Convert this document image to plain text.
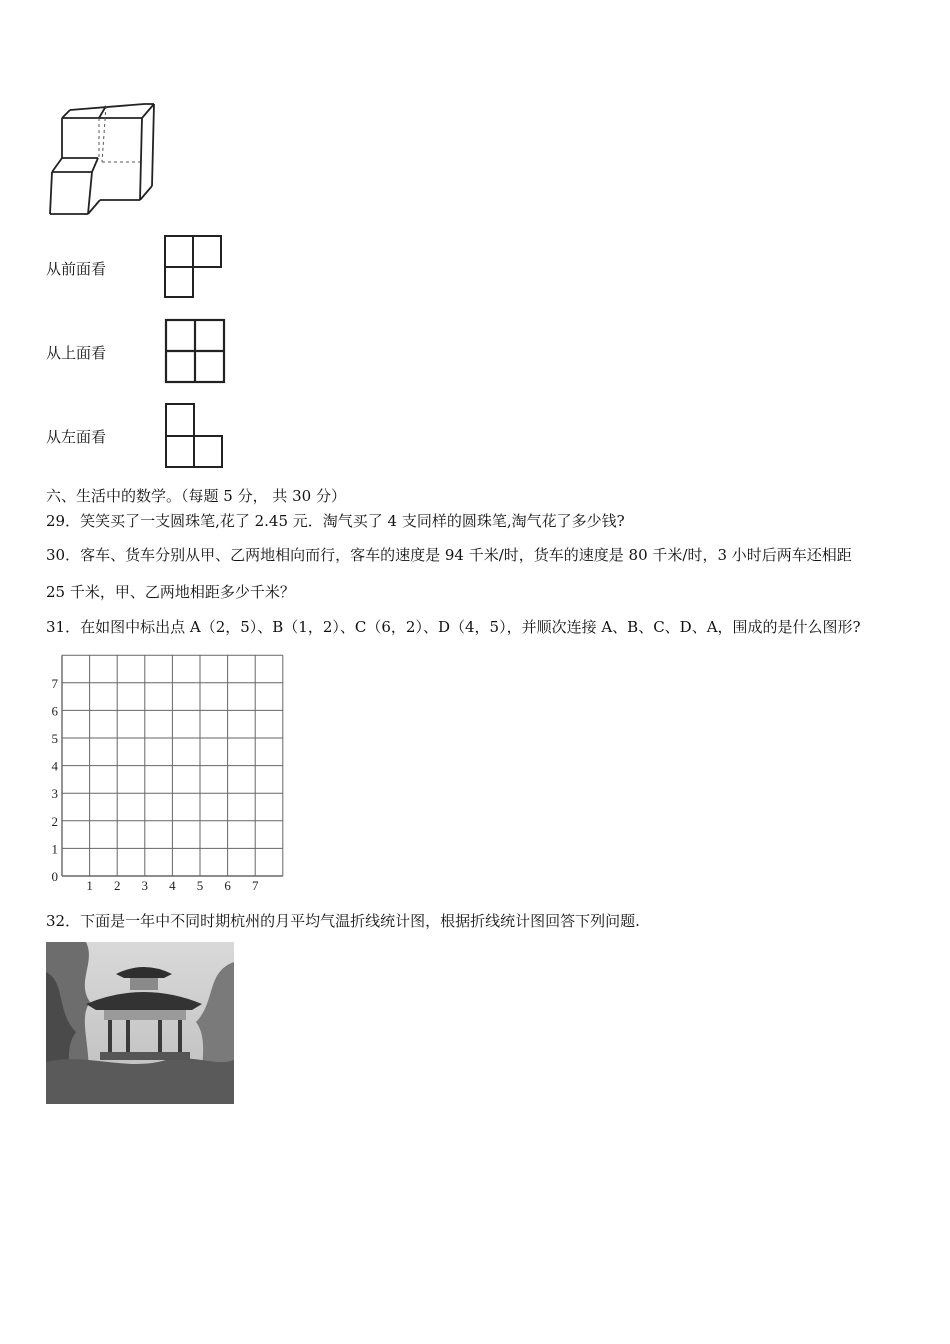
从前面看
从上面看
从左面看
六、生活中的数学。（每题 5 分， 共 30 分）
29．笑笑买了一支圆珠笔,花了 2.45 元．淘气买了 4 支同样的圆珠笔,淘气花了多少钱?
30．客车、货车分别从甲、乙两地相向而行，客车的速度是 94 千米/时，货车的速度是 80 千米/时，3 小时后两车还相距
25 千米，甲、乙两地相距多少千米？
31．在如图中标出点 A（2，5）、B（1，2）、C（6，2）、D（4，5），并顺次连接 A、B、C、D、A，围成的是什么图形?
1 2 3 4 5 6 7
0
1
2
3
4
5
6
7
32．下面是一年中不同时期杭州的月平均气温折线统计图，根据折线统计图回答下列问题.
